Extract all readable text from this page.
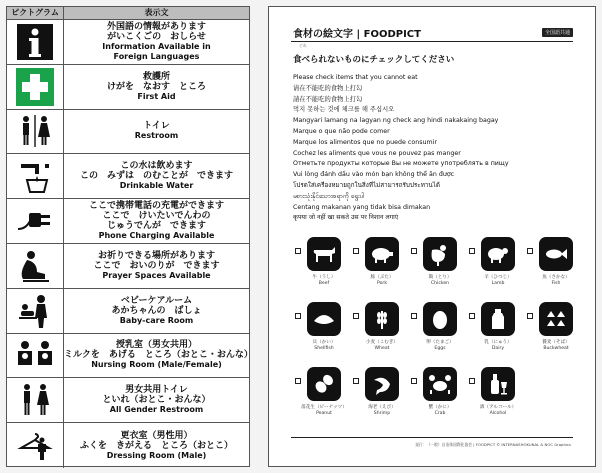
ピクトグラム	表示文
外国語の情報があります
がいこくごの　おしらせ
Information Available in
Foreign Languages
救護所
けがを　なおす　ところ
First Aid
トイレ
Restroom
この水は飲めます
この　みずは　のむことが　できます
Drinkable Water
ここで携帯電話の充電ができます
ここで　けいたいでんわの
じゅうでんが　できます
Phone Charging Available
お祈りできる場所があります
ここで　おいのりが　できます
Prayer Spaces Available
ベビーケアルーム
あかちゃんの　ばしょ
Baby-care Room
授乳室（男女共用）
ミルクを　あげる　ところ（おとこ・おんな）
Nursing Room (Male/Female)
男女共用トイレ
といれ（おとこ・おんな）
All Gender Restroom
更衣室（男性用）
ふくを　きがえる　ところ（おとこ）
Dressing Room (Male)
食材の絵文字 | FOODPICT	全国語共通
どれ
食べられないものにチェックしてください
Please check items that you cannot eat
请在不能吃的食物上打勾
請在不能吃的食物上打勾
먹지 못하는 것에 체크를 해 주십시오
Mangyari lamang na lagyan ng check ang hindi nakakaing bagay
Marque o que não pode comer
Marque los alimentos que no puede consumir
Cochez les aliments que vous ne pouvez pas manger
Отметьте продукты которые Вы не можете употреблять в пищу
Vui lòng đánh dấu vào món bạn không thể ăn được
โปรดใส่เครื่องหมายถูกในสิ่งที่ไม่สามารถรับประทานได้
မစားသုံးနိုင်သောအရာကို ရွေးပါ
Centang makanan yang tidak bisa dimakan
कृपया जो नहीं खा सकते उस पर निशान लगाएं
牛（うし）
Beef
豚（ぶた）
Pork
鶏（とり）
Chicken
羊（ひつじ）
Lamb
魚（さかな）
Fish
貝（かい）
Shellfish
小麦（こむぎ）
Wheat
卵（たまご）
Eggs
乳（にゅう）
Dairy
蕎麦（そば）
Buckwheat
落花生（ピーナッツ）
Peanut
海老（えび）
Shrimp
蟹（かに）
Crab
酒（アルコール）
Alcohol
発行：（一般）自治体国際化協会 | FOODPICT © INTERNASHOKUNAL & NOC Graphics
